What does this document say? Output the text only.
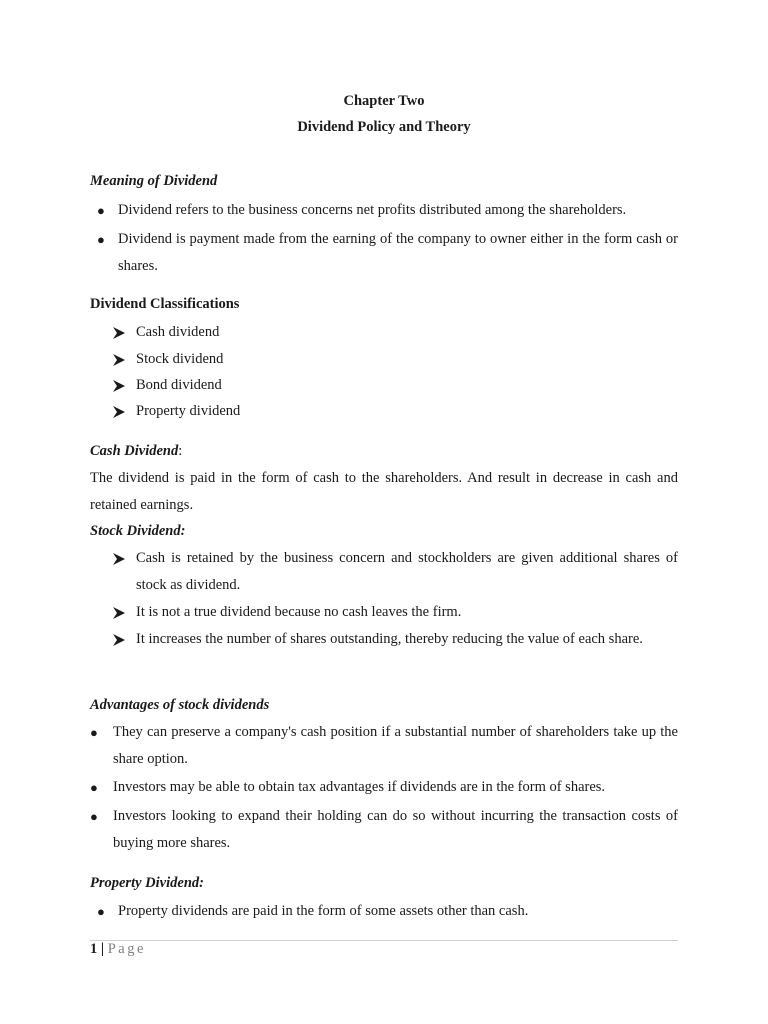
Chapter Two
Dividend Policy and Theory
Meaning of Dividend
● Dividend refers to the business concerns net profits distributed among the shareholders.
● Dividend is payment made from the earning of the company to owner either in the form cash or shares.
Dividend Classifications
Cash dividend
Stock dividend
Bond dividend
Property dividend
Cash Dividend:
The dividend is paid in the form of cash to the shareholders. And result in decrease in cash and retained earnings.
Stock Dividend:
Cash is retained by the business concern and stockholders are given additional shares of stock as dividend.
It is not a true dividend because no cash leaves the firm.
It increases the number of shares outstanding, thereby reducing the value of each share.
Advantages of stock dividends
● They can preserve a company's cash position if a substantial number of shareholders take up the share option.
● Investors may be able to obtain tax advantages if dividends are in the form of shares.
● Investors looking to expand their holding can do so without incurring the transaction costs of buying more shares.
Property Dividend:
● Property dividends are paid in the form of some assets other than cash.
1 | Page
